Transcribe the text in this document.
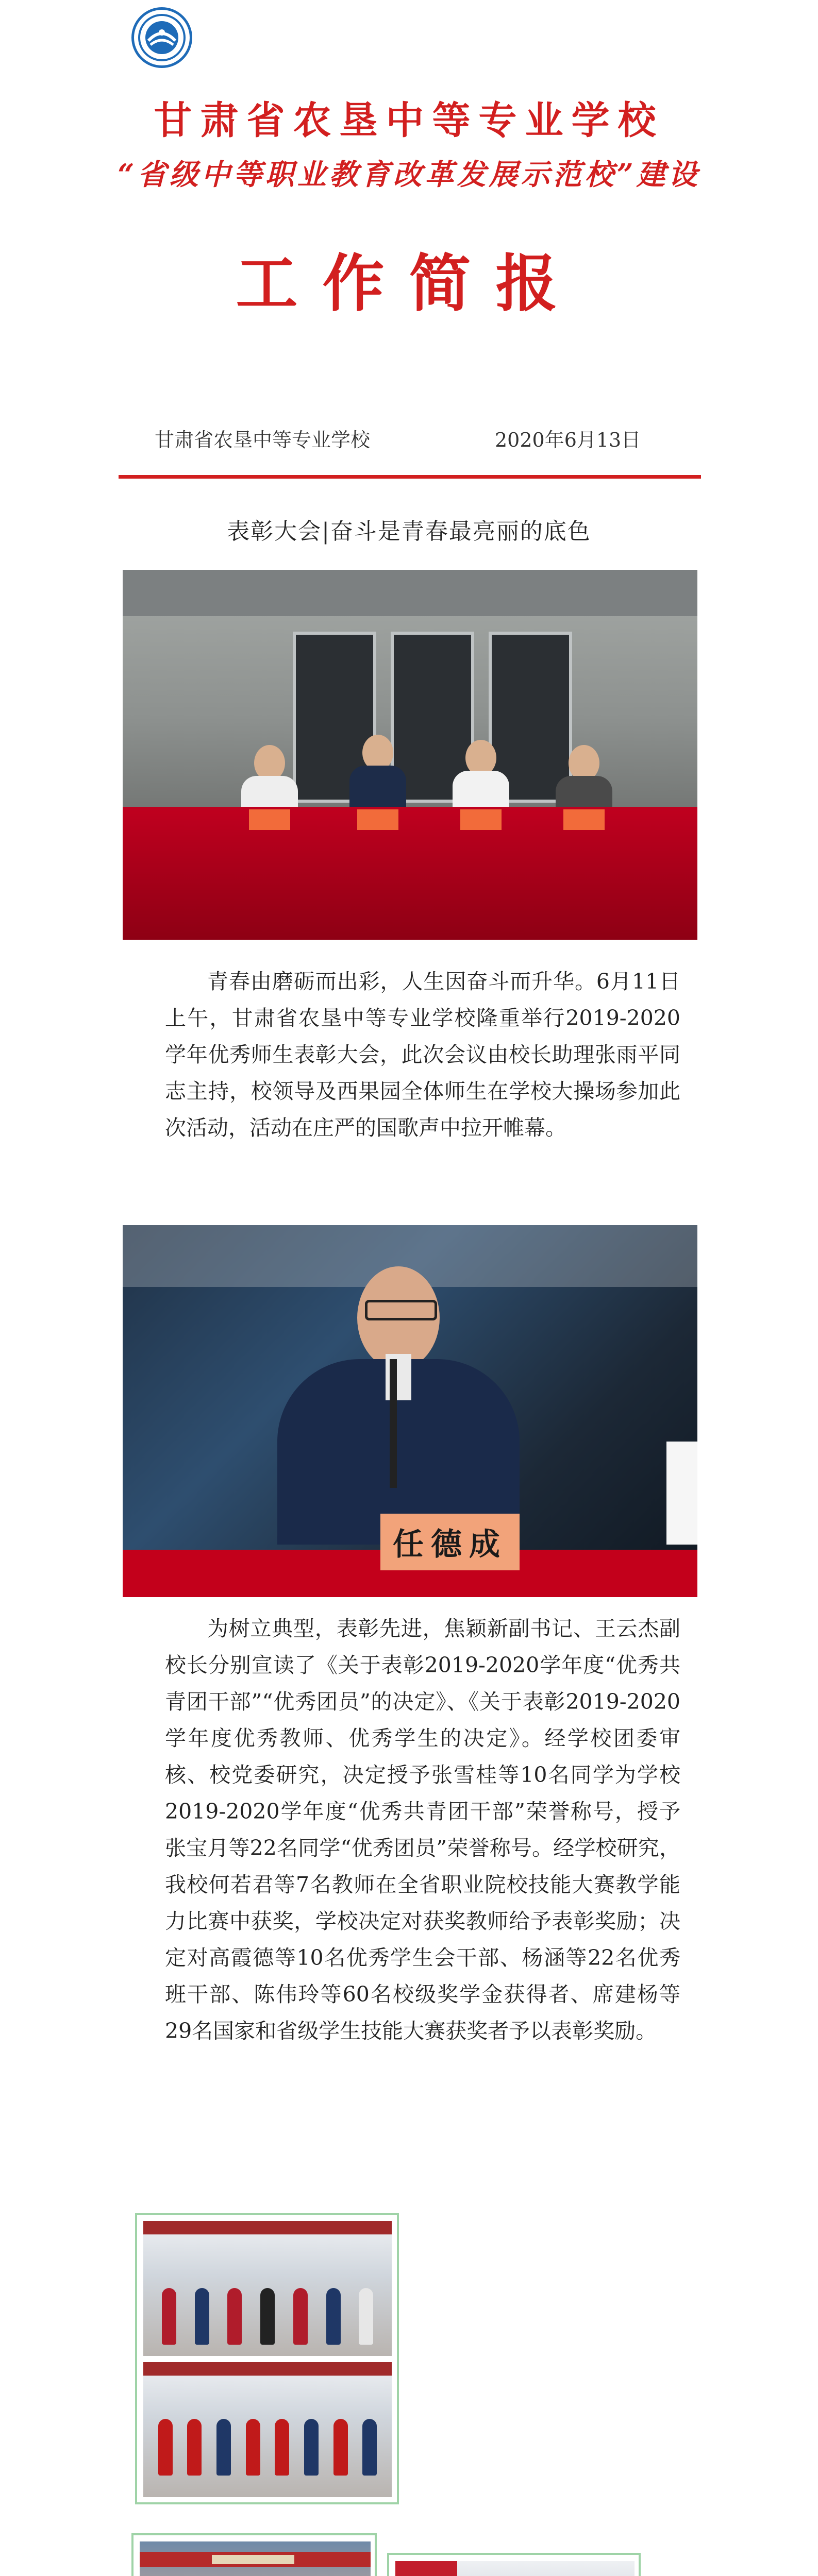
甘肃省农垦中等专业学校
“省级中等职业教育改革发展示范校”建设
工作简报
甘肃省农垦中等专业学校	2020年6月13日
表彰大会|奋斗是青春最亮丽的底色

青春由磨砺而出彩，人生因奋斗而升华。6月11日上午，甘肃省农垦中等专业学校隆重举行2019-2020学年优秀师生表彰大会，此次会议由校长助理张雨平同志主持，校领导及西果园全体师生在学校大操场参加此次活动，活动在庄严的国歌声中拉开帷幕。

任德成

为树立典型，表彰先进，焦颖新副书记、王云杰副校长分别宣读了《关于表彰2019-2020学年度“优秀共青团干部”“优秀团员”的决定》、《关于表彰2019-2020学年度优秀教师、优秀学生的决定》。经学校团委审核、校党委研究，决定授予张雪桂等10名同学为学校2019-2020学年度“优秀共青团干部”荣誉称号，授予张宝月等22名同学“优秀团员”荣誉称号。经学校研究，我校何若君等7名教师在全省职业院校技能大赛教学能力比赛中获奖，学校决定对获奖教师给予表彰奖励；决定对高霞德等10名优秀学生会干部、杨涵等22名优秀班干部、陈伟玲等60名校级奖学金获得者、席建杨等29名国家和省级学生技能大赛获奖者予以表彰奖励。
